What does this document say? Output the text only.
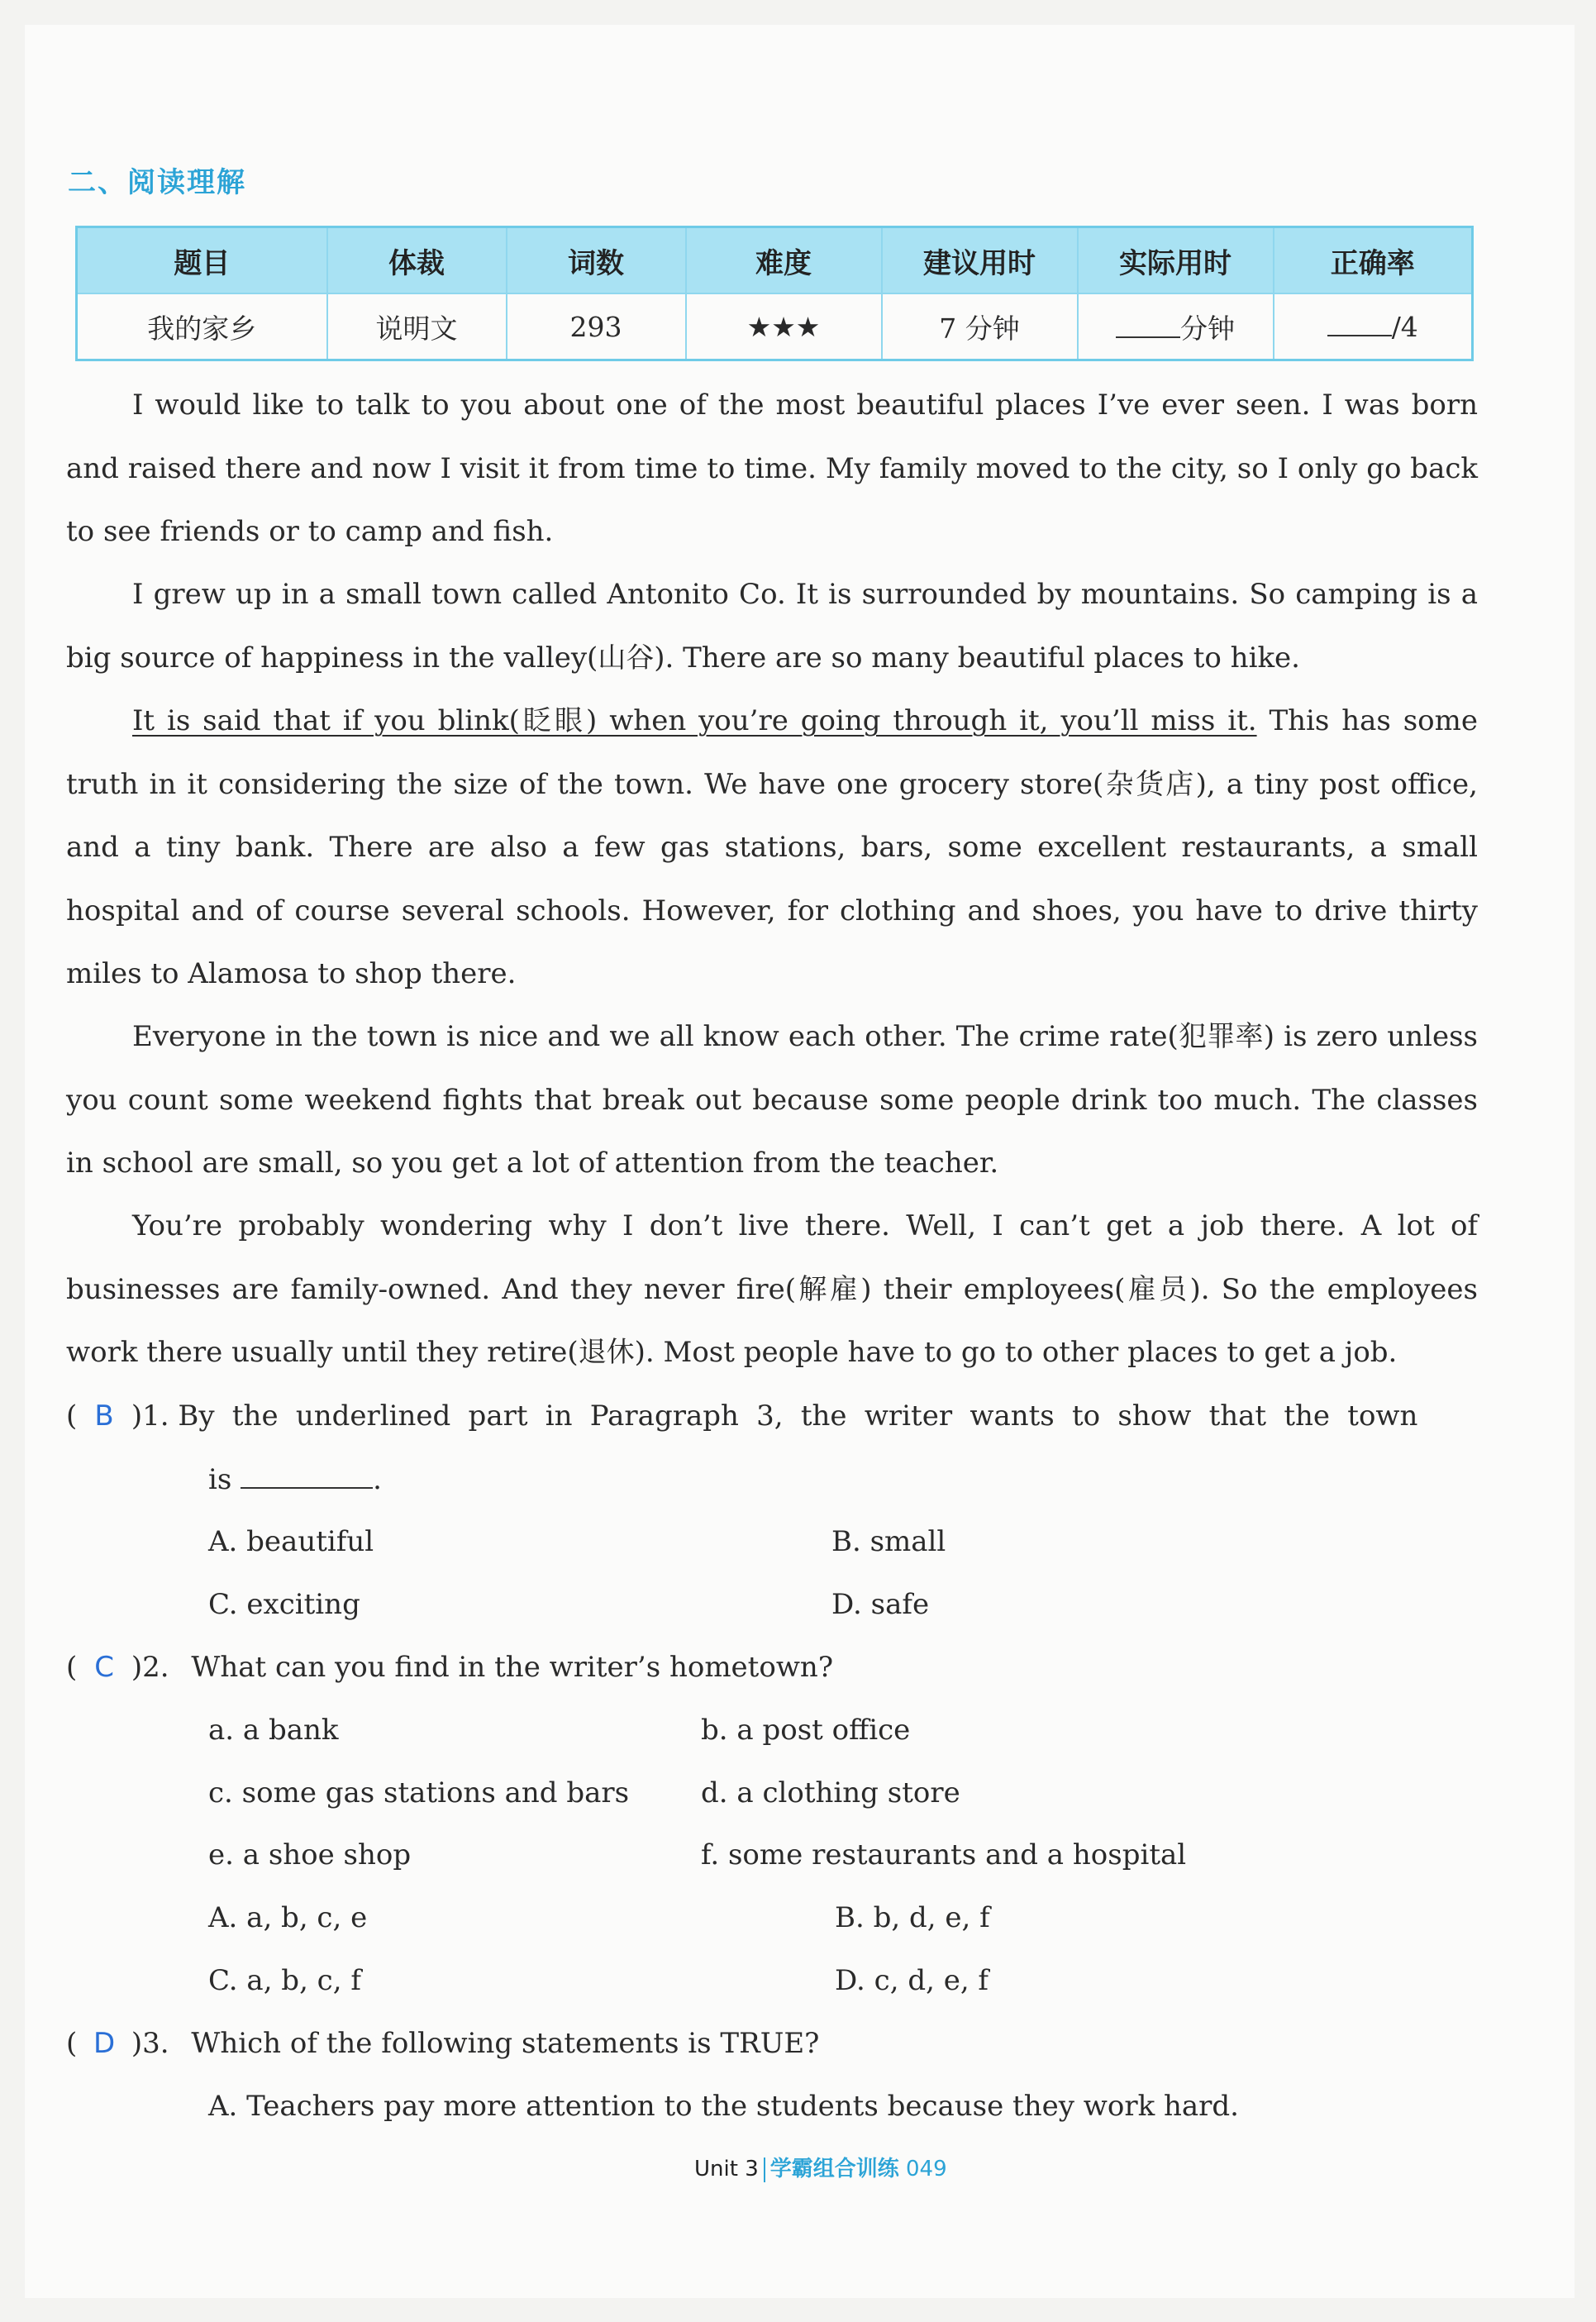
二、阅读理解
题目	体裁	词数	难度	建议用时	实际用时	正确率
我的家乡	说明文	293	★★★	7 分钟	分钟	/4

I would like to talk to you about one of the most beautiful places I’ve ever seen. I was born and raised there and now I visit it from time to time. My family moved to the city, so I only go back to see friends or to camp and fish.

I grew up in a small town called Antonito Co. It is surrounded by mountains. So camping is a big source of happiness in the valley(山谷). There are so many beautiful places to hike.

It is said that if you blink(眨眼) when you’re going through it, you’ll miss it. This has some truth in it considering the size of the town. We have one grocery store(杂货店), a tiny post office, and a tiny bank. There are also a few gas stations, bars, some excellent restaurants, a small hospital and of course several schools. However, for clothing and shoes, you have to drive thirty miles to Alamosa to shop there.

Everyone in the town is nice and we all know each other. The crime rate(犯罪率) is zero unless you count some weekend fights that break out because some people drink too much. The classes in school are small, so you get a lot of attention from the teacher.

You’re probably wondering why I don’t live there. Well, I can’t get a job there. A lot of businesses are family-owned. And they never fire(解雇) their employees(雇员). So the employees work there usually until they retire(退休). Most people have to go to other places to get a job.

( B )1. By the underlined part in Paragraph 3, the writer wants to show that the town
is	.
A. beautiful	B. small
C. exciting	D. safe
( C )2. What can you find in the writer’s hometown?
a. a bank	b. a post office
c. some gas stations and bars	d. a clothing store
e. a shoe shop	f. some restaurants and a hospital
A. a, b, c, e	B. b, d, e, f
C. a, b, c, f	D. c, d, e, f
( D )3. Which of the following statements is TRUE?
A. Teachers pay more attention to the students because they work hard.
Unit 3 学霸组合训练 049
